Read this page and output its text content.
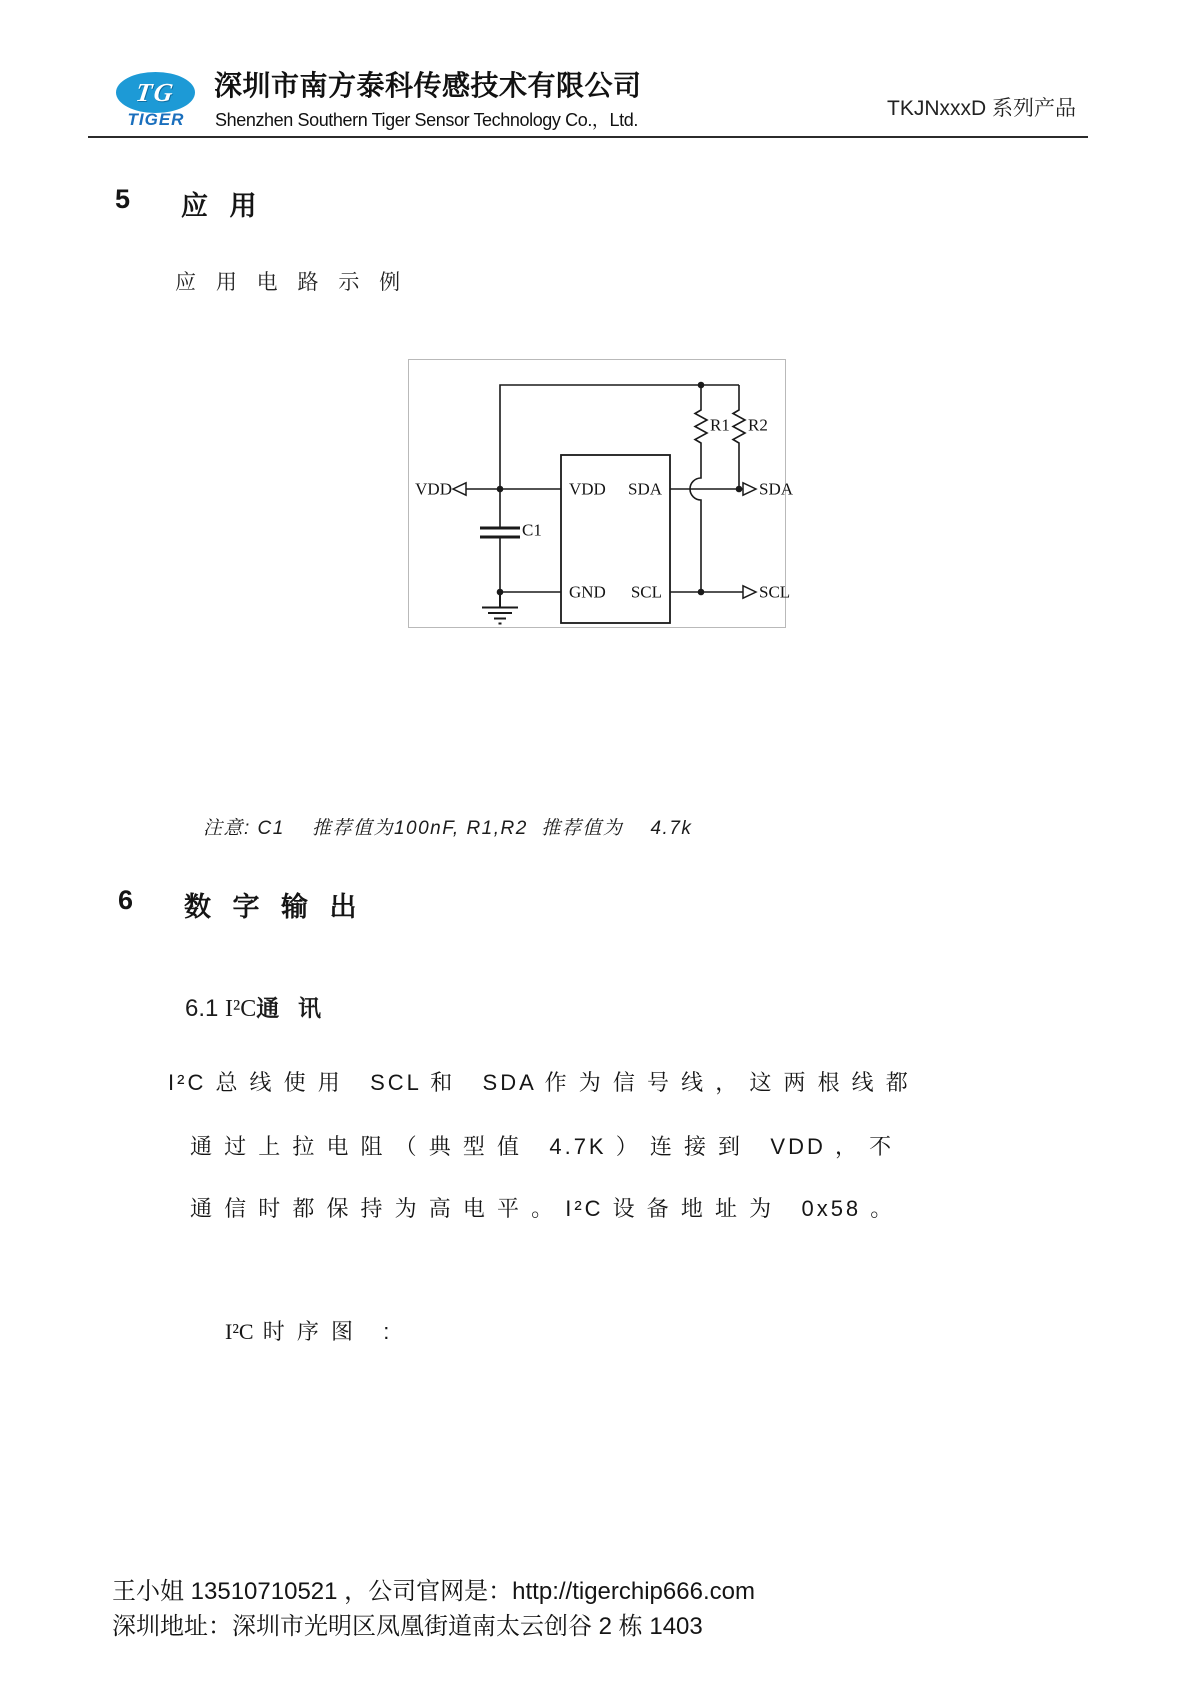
TG
TIGER
深圳市南方泰科传感技术有限公司
Shenzhen Southern Tiger Sensor Technology Co.，Ltd.	TKJNxxxD 系列产品
5	应 用
应 用 电 路 示 例
VDD	VDD SDA	SDA
GND SCL	SCL
R1 R2
C1
注意: C1    推荐值为100nF, R1,R2  推荐值为    4.7k
6	数 字 输 出
6.1 I²C通  讯
I²C 总 线 使 用   SCL 和   SDA 作 为 信 号 线 ， 这 两 根 线 都
通 过 上 拉 电 阻 （ 典 型 值   4.7K ） 连 接 到   VDD ， 不
通 信 时 都 保 持 为 高 电 平 。 I²C 设 备 地 址 为   0x58 。
I²C 时 序 图   :
王小姐 13510710521 ，公司官网是：http://tigerchip666.com
深圳地址：深圳市光明区凤凰街道南太云创谷 2 栋 1403
